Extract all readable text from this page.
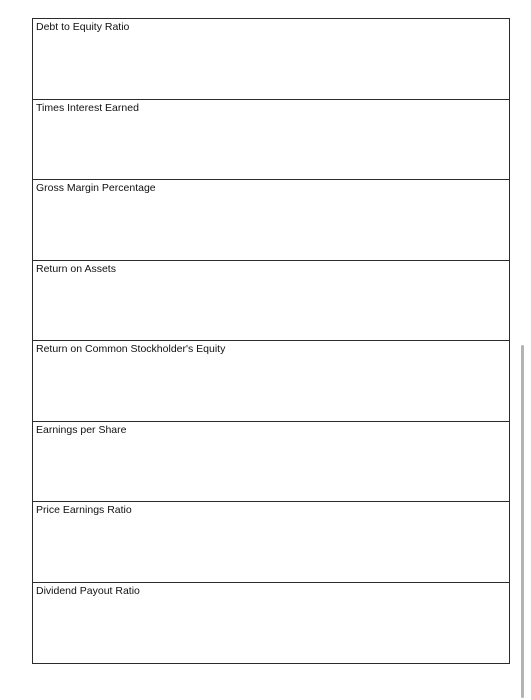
Debt to Equity Ratio
Times Interest Earned
Gross Margin Percentage
Return on Assets
Return on Common Stockholder's Equity
Earnings per Share
Price Earnings Ratio
Dividend Payout Ratio
